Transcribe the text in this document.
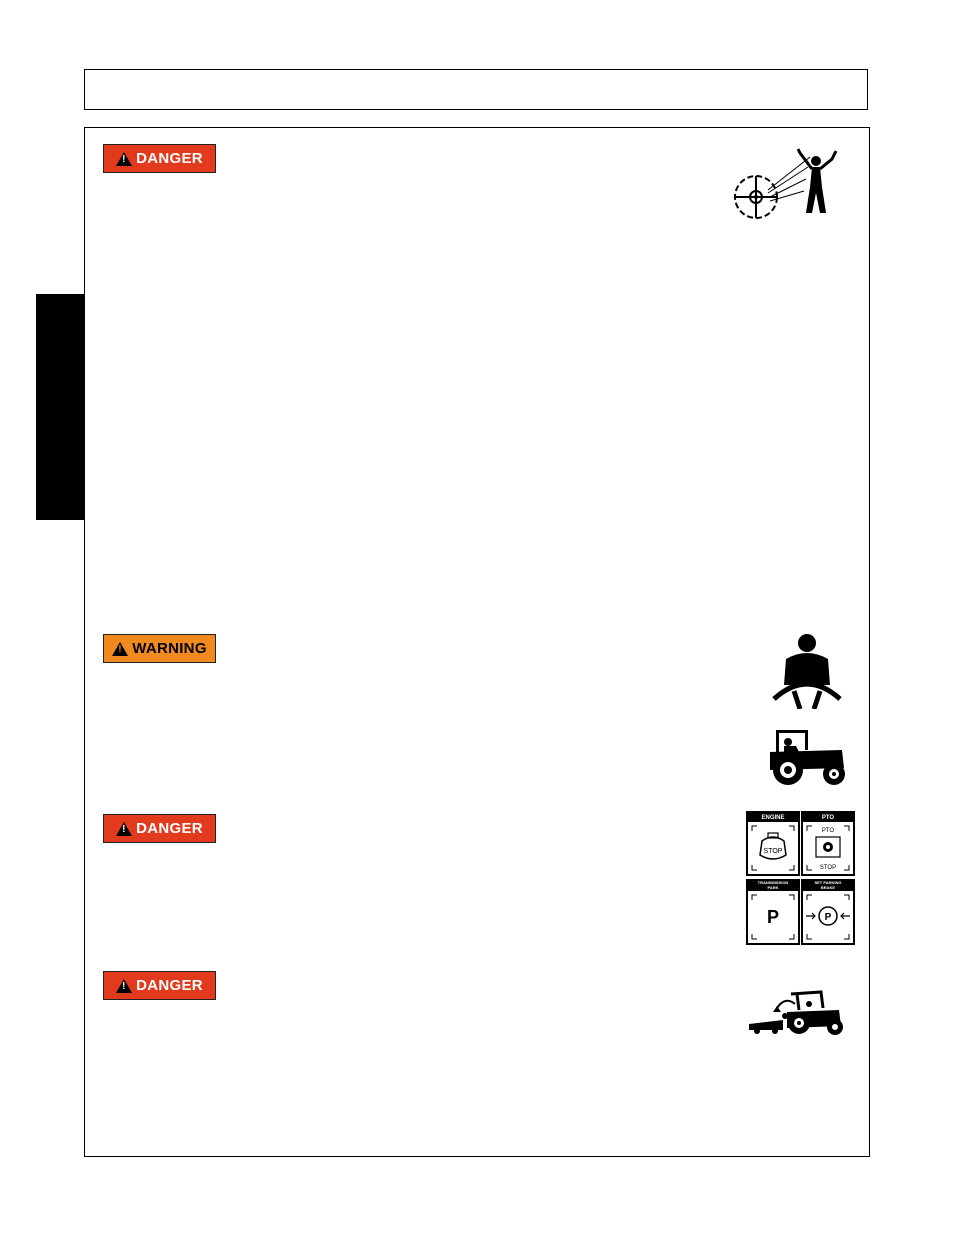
!
DANGER
!
WARNING
!
DANGER
ENGINE	PTO
TRANSMISSION
PARK
SET PARKING
BRAKE
STOP
PTO
STOP
P	P
!
DANGER
